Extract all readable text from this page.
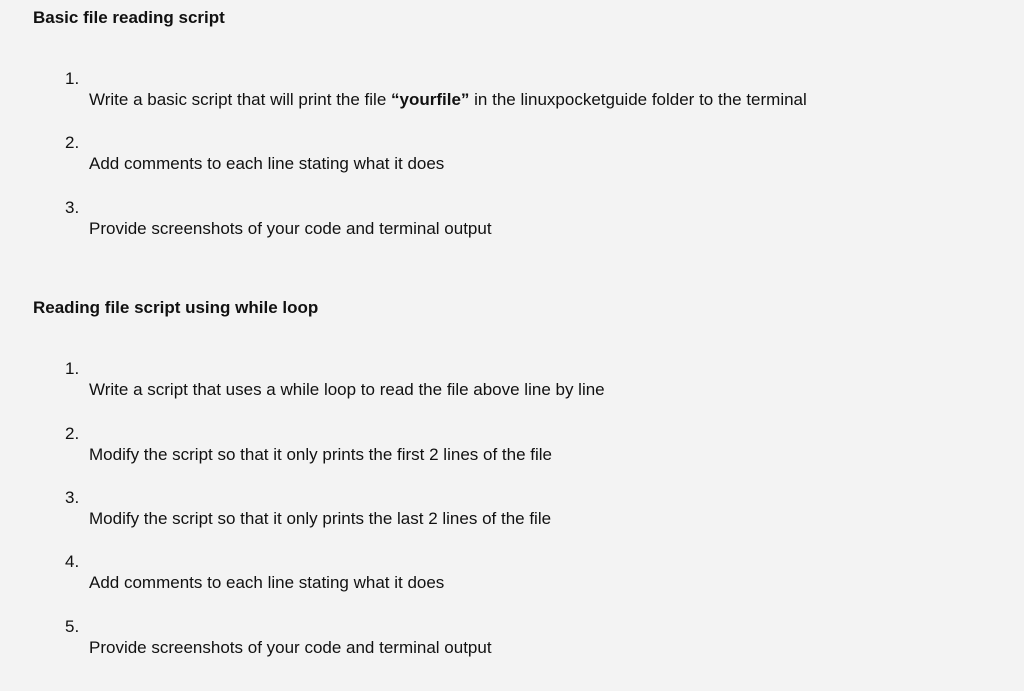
Basic file reading script
1.
Write a basic script that will print the file “yourfile” in the linuxpocketguide folder to the terminal
2.
Add comments to each line stating what it does
3.
Provide screenshots of your code and terminal output
Reading file script using while loop
1.
Write a script that uses a while loop to read the file above line by line
2.
Modify the script so that it only prints the first 2 lines of the file
3.
Modify the script so that it only prints the last 2 lines of the file
4.
Add comments to each line stating what it does
5.
Provide screenshots of your code and terminal output
